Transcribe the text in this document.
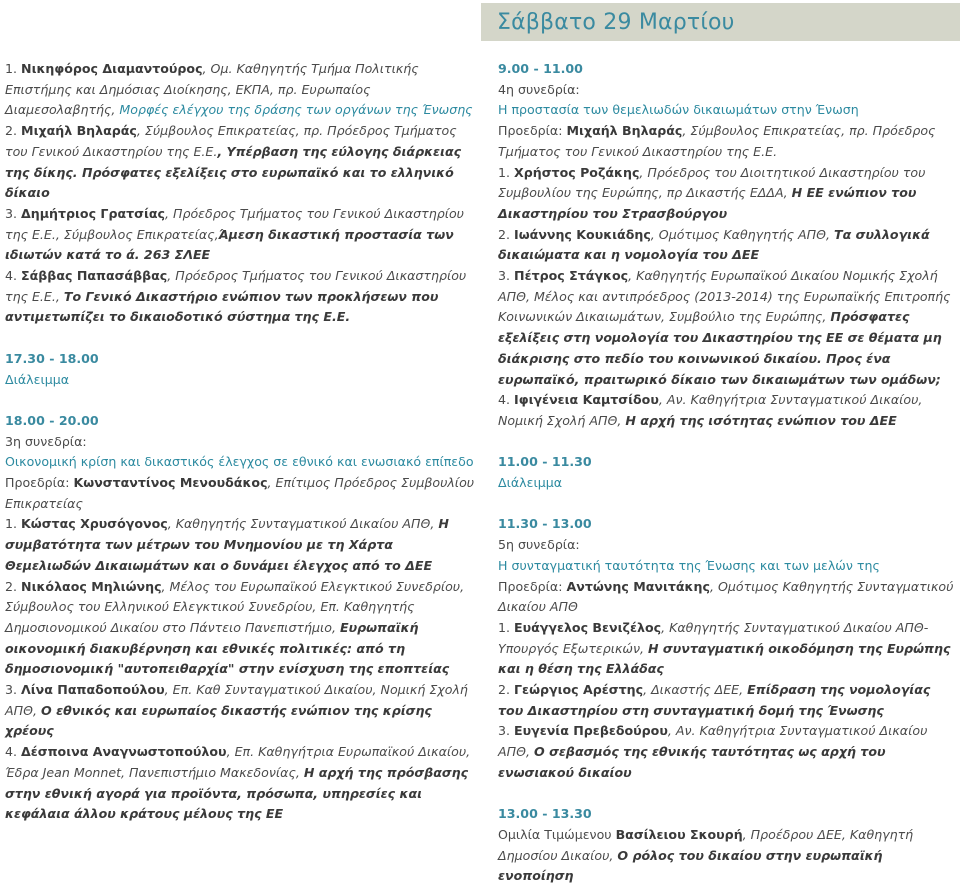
Σάββατο 29 Μαρτίου

1. Νικηφόρος Διαμαντούρος, Ομ. Καθηγητής Τμήμα Πολιτικής Επιστήμης και Δημόσιας Διοίκησης, ΕΚΠΑ, πρ. Ευρωπαίος Διαμεσολαβητής, Μορφές ελέγχου της δράσης των οργάνων της Ένωσης

2. Μιχαήλ Βηλαράς, Σύμβουλος Επικρατείας, πρ. Πρόεδρος Τμήματος του Γενικού Δικαστηρίου της Ε.Ε., Υπέρβαση της εύλογης διάρκειας της δίκης. Πρόσφατες εξελίξεις στο ευρωπαϊκό και το ελληνικό δίκαιο

3. Δημήτριος Γρατσίας, Πρόεδρος Τμήματος του Γενικού Δικαστηρίου της Ε.Ε., Σύμβουλος Επικρατείας,Άμεση δικαστική προστασία των ιδιωτών κατά το ά. 263 ΣΛΕΕ

4. Σάββας Παπασάββας, Πρόεδρος Τμήματος του Γενικού Δικαστηρίου της Ε.Ε., Το Γενικό Δικαστήριο ενώπιον των προκλήσεων που αντιμετωπίζει το δικαιοδοτικό σύστημα της Ε.Ε.

17.30 - 18.00

Διάλειμμα

18.00 - 20.00

3η συνεδρία:

Οικονομική κρίση και δικαστικός έλεγχος σε εθνικό και ενωσιακό επίπεδο

Προεδρία: Κωνσταντίνος Μενουδάκος, Επίτιμος Πρόεδρος Συμβουλίου Επικρατείας

1. Κώστας Χρυσόγονος, Καθηγητής Συνταγματικού Δικαίου ΑΠΘ, Η συμβατότητα των μέτρων του Μνημονίου με τη Χάρτα Θεμελιωδών Δικαιωμάτων και ο δυνάμει έλεγχος από το ΔΕΕ

2. Νικόλαος Μηλιώνης, Μέλος του Ευρωπαϊκού Ελεγκτικού Συνεδρίου, Σύμβουλος του Ελληνικού Ελεγκτικού Συνεδρίου, Επ. Καθηγητής Δημοσιονομικού Δικαίου στο Πάντειο Πανεπιστήμιο, Ευρωπαϊκή οικονομική διακυβέρνηση και εθνικές πολιτικές: από τη δημοσιονομική "αυτοπειθαρχία" στην ενίσχυση της εποπτείας

3. Λίνα Παπαδοπούλου, Επ. Καθ Συνταγματικού Δικαίου, Νομική Σχολή ΑΠΘ, Ο εθνικός και ευρωπαίος δικαστής ενώπιον της κρίσης χρέους

4. Δέσποινα Αναγνωστοπούλου, Επ. Καθηγήτρια Ευρωπαϊκού Δικαίου, Έδρα Jean Monnet, Πανεπιστήμιο Μακεδονίας, Η αρχή της πρόσβασης στην εθνική αγορά για προϊόντα, πρόσωπα, υπηρεσίες και κεφάλαια άλλου κράτους μέλους της ΕΕ

9.00 - 11.00

4η συνεδρία:

Η προστασία των θεμελιωδών δικαιωμάτων στην Ένωση

Προεδρία: Μιχαήλ Βηλαράς, Σύμβουλος Επικρατείας, πρ. Πρόεδρος Τμήματος του Γενικού Δικαστηρίου της Ε.Ε.

1. Χρήστος Ροζάκης, Πρόεδρος του Διοιτητικού Δικαστηρίου του Συμβουλίου της Ευρώπης, πρ Δικαστής ΕΔΔΑ, Η ΕΕ ενώπιον του Δικαστηρίου του Στρασβούργου

2. Ιωάννης Κουκιάδης, Ομότιμος Καθηγητής ΑΠΘ, Τα συλλογικά δικαιώματα και η νομολογία του ΔΕΕ

3. Πέτρος Στάγκος, Καθηγητής Ευρωπαϊκού Δικαίου Νομικής Σχολή ΑΠΘ, Μέλος και αντιπρόεδρος (2013-2014) της Ευρωπαϊκής Επιτροπής Κοινωνικών Δικαιωμάτων, Συμβούλιο της Ευρώπης, Πρόσφατες εξελίξεις στη νομολογία του Δικαστηρίου της ΕΕ σε θέματα μη διάκρισης στο πεδίο του κοινωνικού δικαίου. Προς ένα ευρωπαϊκό, πραιτωρικό δίκαιο των δικαιωμάτων των ομάδων;

4. Ιφιγένεια Καμτσίδου, Αν. Καθηγήτρια Συνταγματικού Δικαίου, Νομική Σχολή ΑΠΘ, Η αρχή της ισότητας ενώπιον του ΔΕΕ

11.00 - 11.30

Διάλειμμα

11.30 - 13.00

5η συνεδρία:

Η συνταγματική ταυτότητα της Ένωσης και των μελών της

Προεδρία: Αντώνης Μανιτάκης, Ομότιμος Καθηγητής Συνταγματικού Δικαίου ΑΠΘ

1. Ευάγγελος Βενιζέλος, Καθηγητής Συνταγματικού Δικαίου ΑΠΘ-Υπουργός Εξωτερικών, Η συνταγματική οικοδόμηση της Ευρώπης και η θέση της Ελλάδας

2. Γεώργιος Αρέστης, Δικαστής ΔΕΕ, Επίδραση της νομολογίας του Δικαστηρίου στη συνταγματική δομή της Ένωσης

3. Ευγενία Πρεβεδούρου, Αν. Καθηγήτρια Συνταγματικού Δικαίου ΑΠΘ, Ο σεβασμός της εθνικής ταυτότητας ως αρχή του ενωσιακού δικαίου

13.00 - 13.30

Ομιλία Τιμώμενου Βασίλειου Σκουρή, Προέδρου ΔΕΕ, Καθηγητή Δημοσίου Δικαίου, Ο ρόλος του δικαίου στην ευρωπαϊκή ενοποίηση
